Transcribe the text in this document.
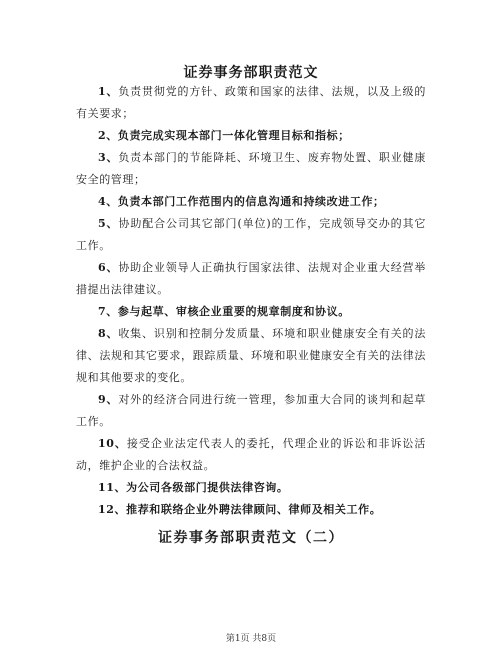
证券事务部职责范文

1、负责贯彻党的方针、政策和国家的法律、法规，以及上级的有关要求；

2、负责完成实现本部门一体化管理目标和指标；

3、负责本部门的节能降耗、环境卫生、废弃物处置、职业健康安全的管理；

4、负责本部门工作范围内的信息沟通和持续改进工作；

5、协助配合公司其它部门(单位)的工作，完成领导交办的其它工作。

6、协助企业领导人正确执行国家法律、法规对企业重大经营举措提出法律建议。

7、参与起草、审核企业重要的规章制度和协议。

8、收集、识别和控制分发质量、环境和职业健康安全有关的法律、法规和其它要求，跟踪质量、环境和职业健康安全有关的法律法规和其他要求的变化。

9、对外的经济合同进行统一管理，参加重大合同的谈判和起草工作。

10、接受企业法定代表人的委托，代理企业的诉讼和非诉讼活动，维护企业的合法权益。

11、为公司各级部门提供法律咨询。

12、推荐和联络企业外聘法律顾问、律师及相关工作。

证券事务部职责范文（二）
第1页 共8页
